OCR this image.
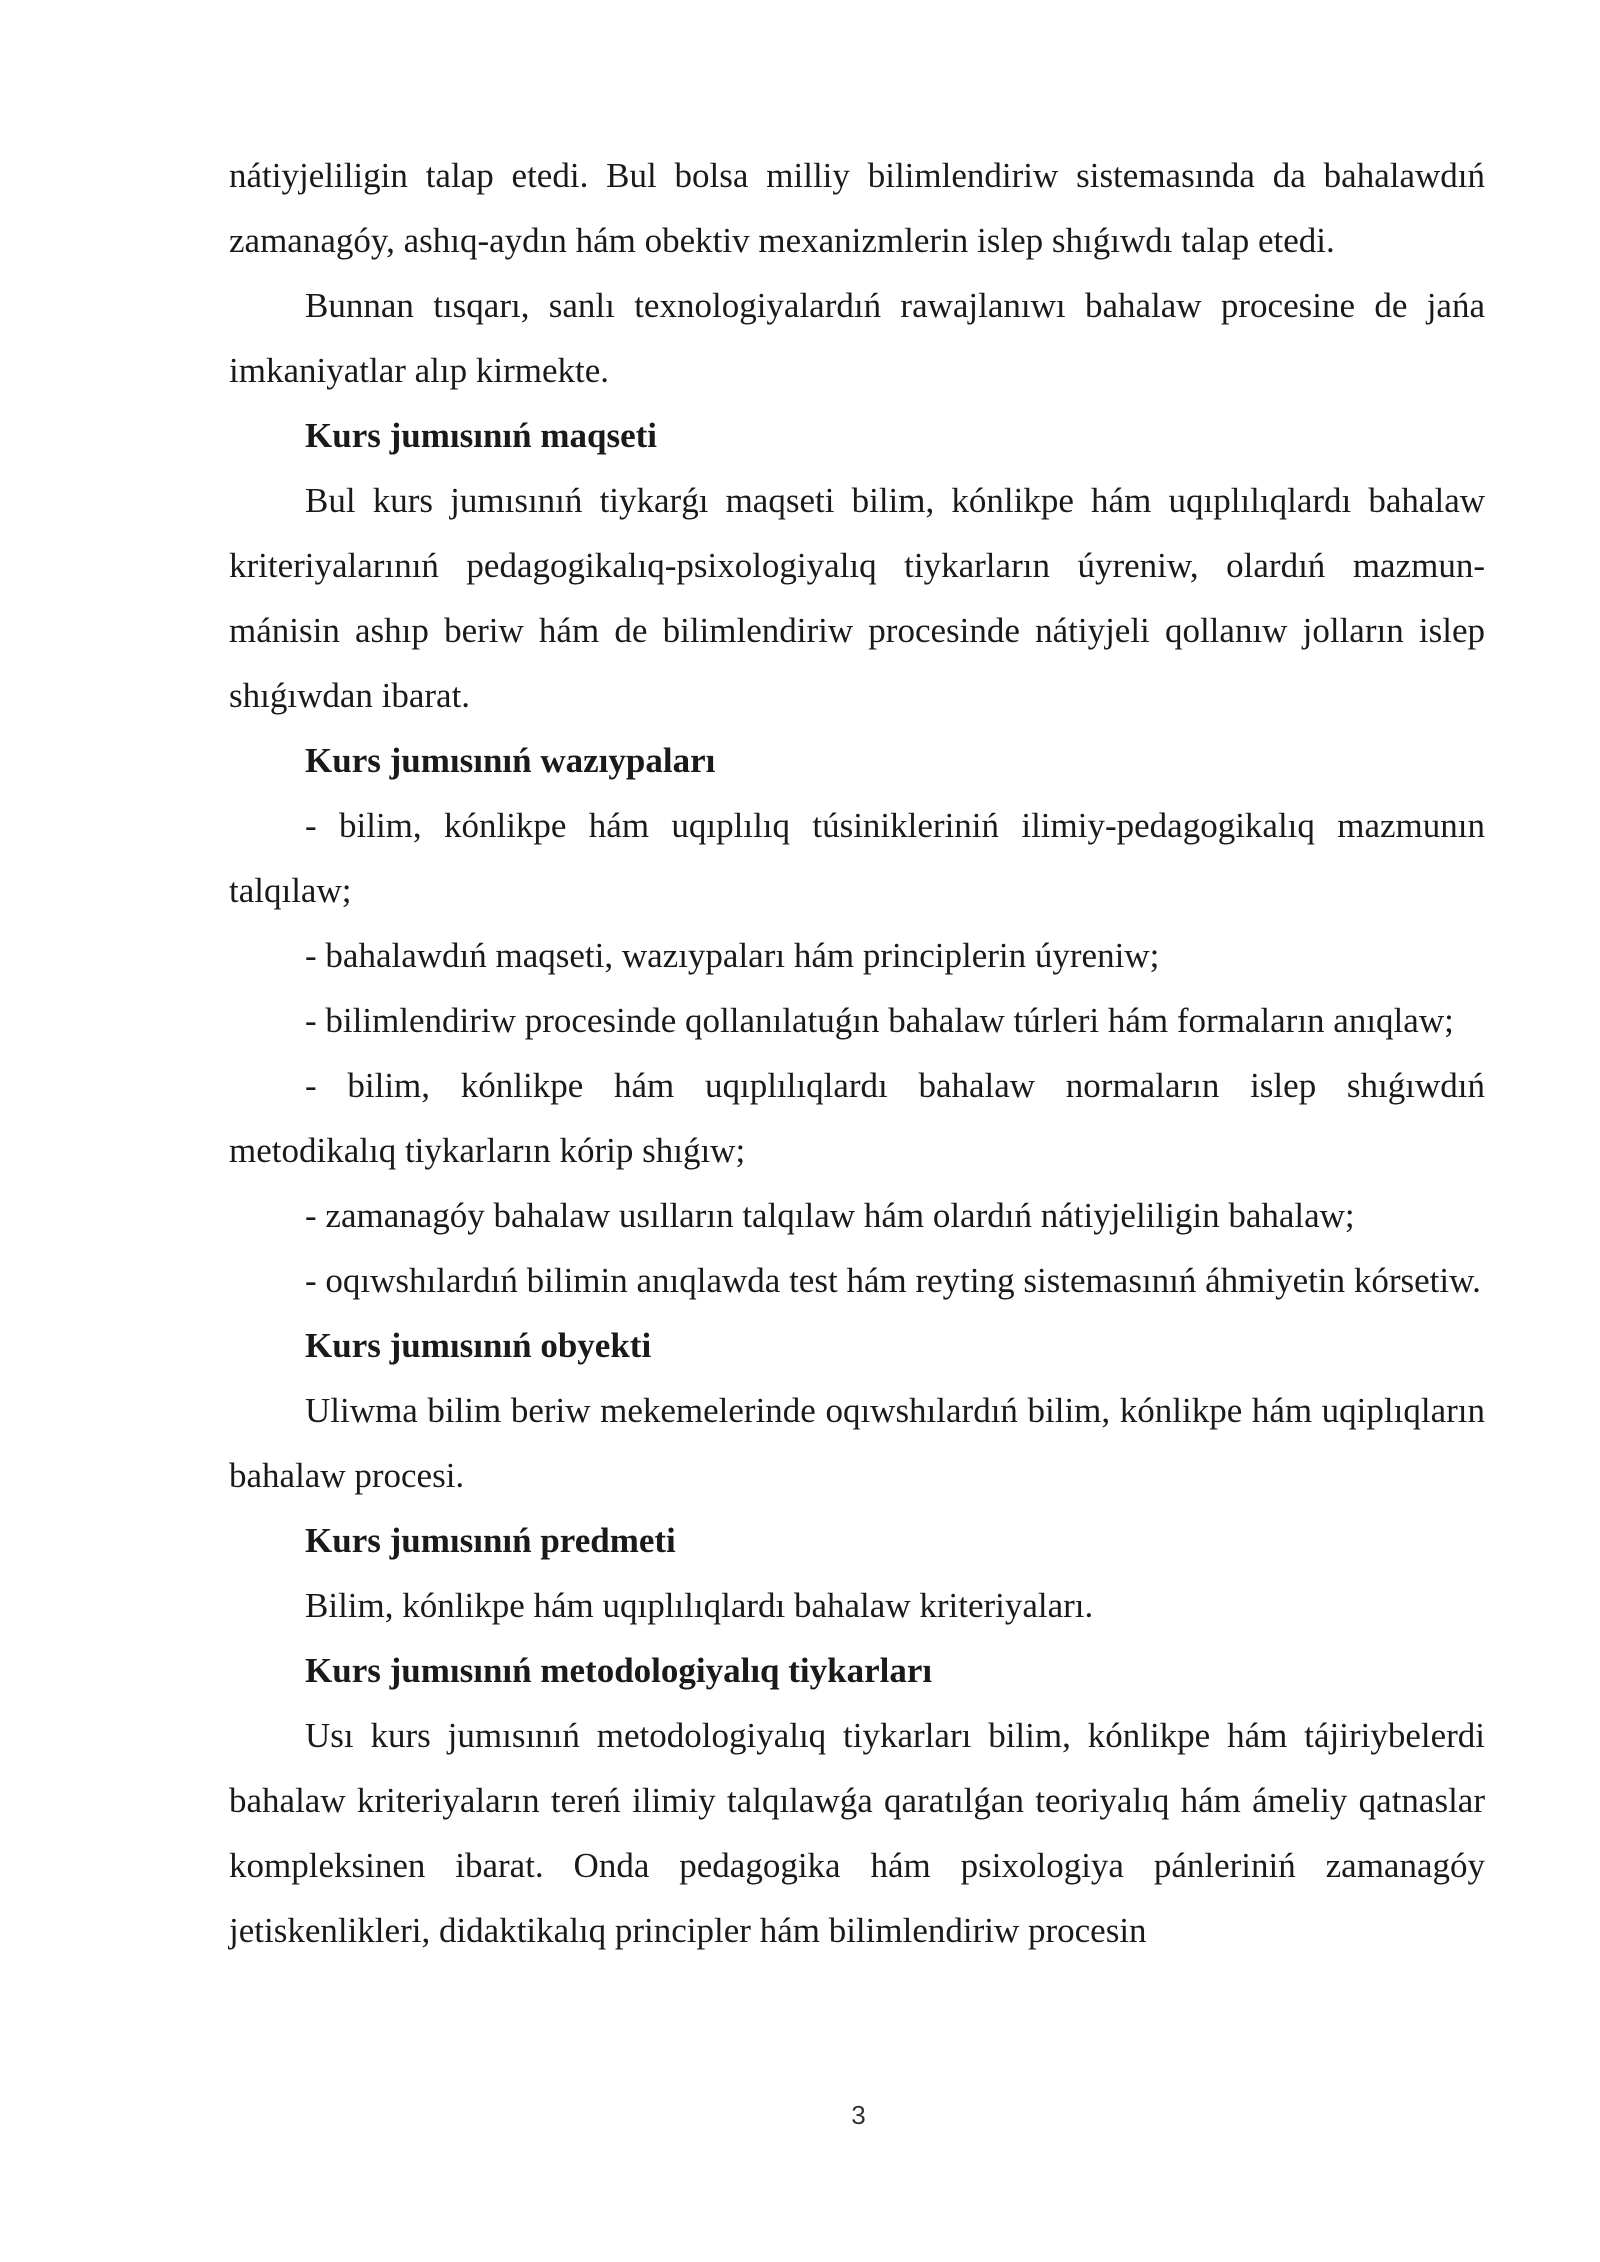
nátiyjeliligin talap etedi. Bul bolsa milliy bilimlendiriw sistemasında da bahalawdıń zamanagóy, ashıq-aydın hám obektiv mexanizmlerin islep shıǵıwdı talap etedi.

Bunnan tısqarı, sanlı texnologiyalardıń rawajlanıwı bahalaw procesine de jańa imkaniyatlar alıp kirmekte.

Kurs jumısınıń maqseti

Bul kurs jumısınıń tiykarǵı maqseti bilim, kónlikpe hám uqıplılıqlardı bahalaw kriteriyalarınıń pedagogikalıq-psixologiyalıq tiykarların úyreniw, olardıń mazmun-mánisin ashıp beriw hám de bilimlendiriw procesinde nátiyjeli qollanıw jolların islep shıǵıwdan ibarat.

Kurs jumısınıń wazıypaları

- bilim, kónlikpe hám uqıplılıq túsinikleriniń ilimiy-pedagogikalıq mazmunın talqılaw;

- bahalawdıń maqseti, wazıypaları hám principlerin úyreniw;

- bilimlendiriw procesinde qollanılatuǵın bahalaw túrleri hám formaların anıqlaw;

- bilim, kónlikpe hám uqıplılıqlardı bahalaw normaların islep shıǵıwdıń metodikalıq tiykarların kórip shıǵıw;

- zamanagóy bahalaw usılların talqılaw hám olardıń nátiyjeliligin bahalaw;

- oqıwshılardıń bilimin anıqlawda test hám reyting sistemasınıń áhmiyetin kórsetiw.

Kurs jumısınıń obyekti

Uliwma bilim beriw mekemelerinde oqıwshılardıń bilim, kónlikpe hám uqiplıqların bahalaw procesi.

Kurs jumısınıń predmeti

Bilim, kónlikpe hám uqıplılıqlardı bahalaw kriteriyaları.

Kurs jumısınıń metodologiyalıq tiykarları

Usı kurs jumısınıń metodologiyalıq tiykarları bilim, kónlikpe hám tájiriybelerdi bahalaw kriteriyaların tereń ilimiy talqılawǵa qaratılǵan teoriyalıq hám ámeliy qatnaslar kompleksinen ibarat. Onda pedagogika hám psixologiya pánleriniń zamanagóy jetiskenlikleri, didaktikalıq principler hám bilimlendiriw procesin

3
